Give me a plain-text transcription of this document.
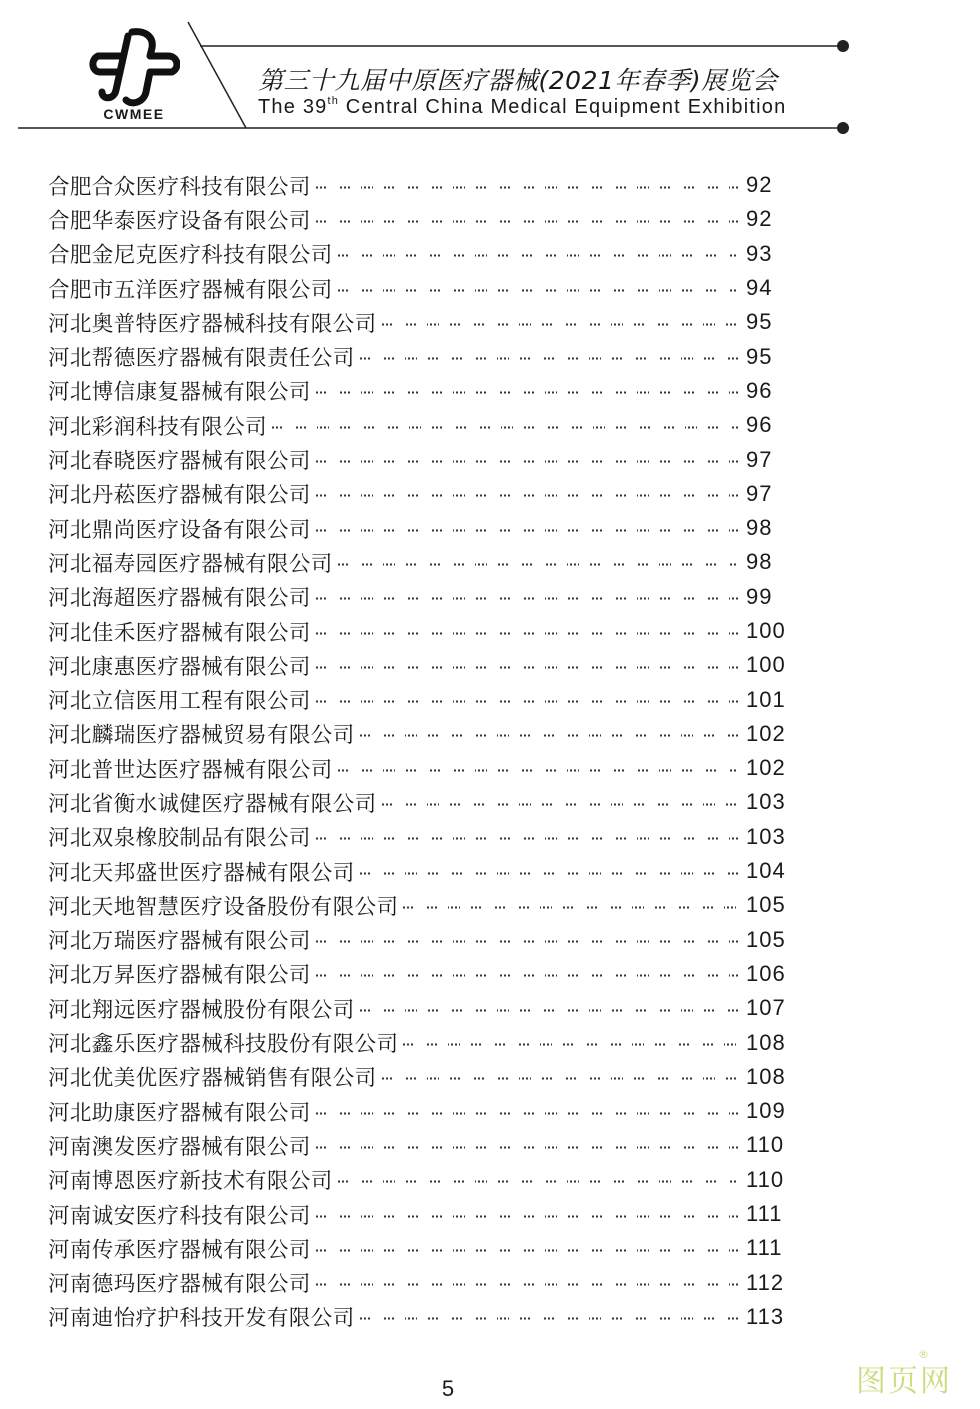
CWMEE
第三十九届中原医疗器械(2021年春季)展览会
The 39th Central China Medical Equipment Exhibition
合肥合众医疗科技有限公司	92
合肥华泰医疗设备有限公司	92
合肥金尼克医疗科技有限公司	93
合肥市五洋医疗器械有限公司	94
河北奥普特医疗器械科技有限公司	95
河北帮德医疗器械有限责任公司	95
河北博信康复器械有限公司	96
河北彩润科技有限公司	96
河北春晓医疗器械有限公司	97
河北丹菘医疗器械有限公司	97
河北鼎尚医疗设备有限公司	98
河北福寿园医疗器械有限公司	98
河北海超医疗器械有限公司	99
河北佳禾医疗器械有限公司	100
河北康惠医疗器械有限公司	100
河北立信医用工程有限公司	101
河北麟瑞医疗器械贸易有限公司	102
河北普世达医疗器械有限公司	102
河北省衡水诚健医疗器械有限公司	103
河北双泉橡胶制品有限公司	103
河北天邦盛世医疗器械有限公司	104
河北天地智慧医疗设备股份有限公司	105
河北万瑞医疗器械有限公司	105
河北万昇医疗器械有限公司	106
河北翔远医疗器械股份有限公司	107
河北鑫乐医疗器械科技股份有限公司	108
河北优美优医疗器械销售有限公司	108
河北助康医疗器械有限公司	109
河南澳发医疗器械有限公司	110
河南博恩医疗新技术有限公司	110
河南诚安医疗科技有限公司	111
河南传承医疗器械有限公司	111
河南德玛医疗器械有限公司	112
河南迪怡疗护科技开发有限公司	113
5	图页网
®
